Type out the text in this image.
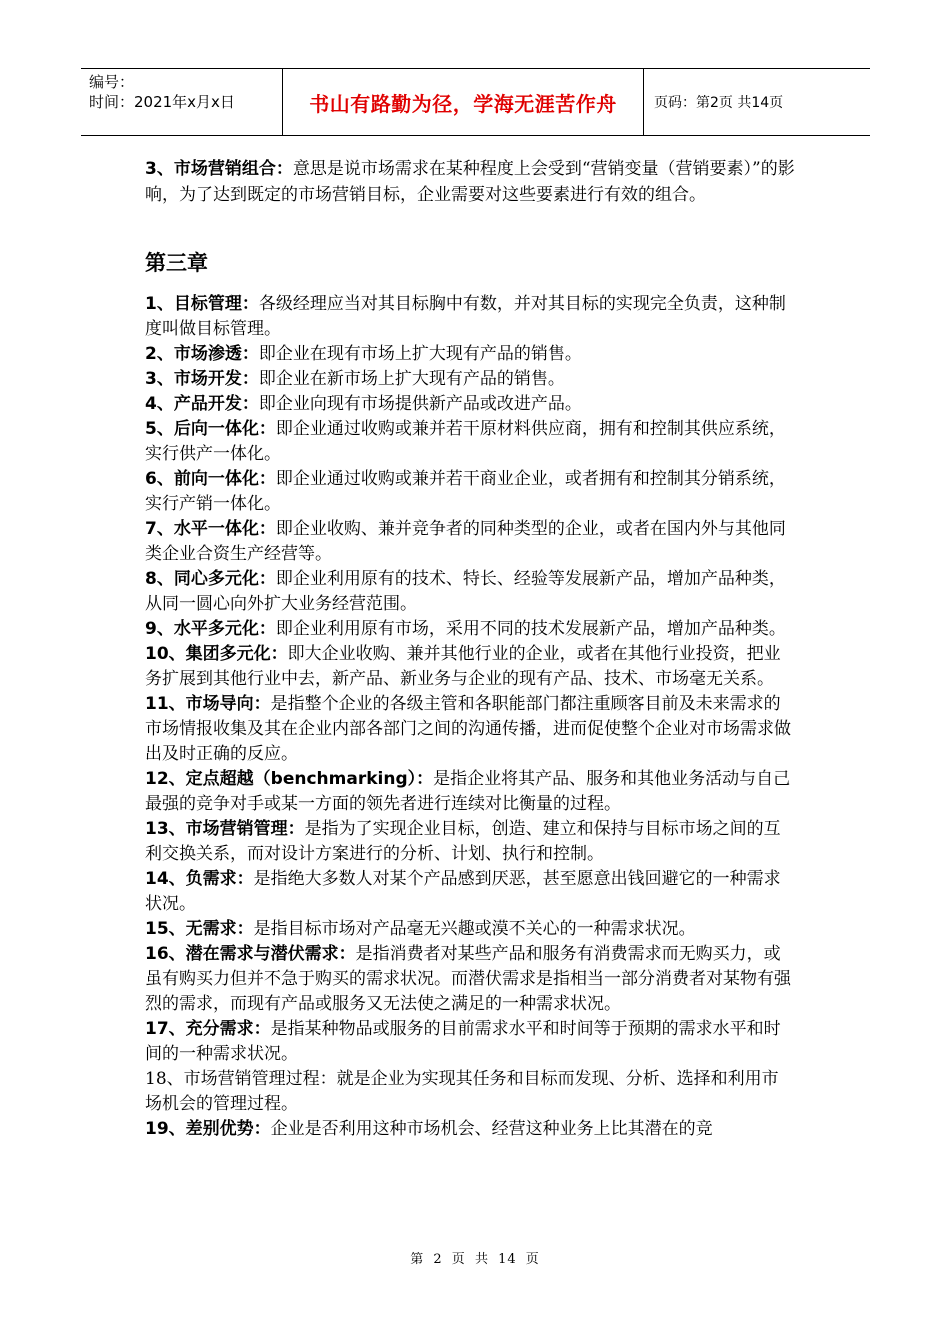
编号：
时间：2021年x月x日	书山有路勤为径，学海无涯苦作舟	页码：第2页 共14页

3、市场营销组合：意思是说市场需求在某种程度上会受到“营销变量（营销要素）”的影响，为了达到既定的市场营销目标，企业需要对这些要素进行有效的组合。

第三章

1、目标管理：各级经理应当对其目标胸中有数，并对其目标的实现完全负责，这种制度叫做目标管理。

2、市场渗透：即企业在现有市场上扩大现有产品的销售。

3、市场开发：即企业在新市场上扩大现有产品的销售。

4、产品开发：即企业向现有市场提供新产品或改进产品。

5、后向一体化：即企业通过收购或兼并若干原材料供应商，拥有和控制其供应系统，实行供产一体化。

6、前向一体化：即企业通过收购或兼并若干商业企业，或者拥有和控制其分销系统，实行产销一体化。

7、水平一体化：即企业收购、兼并竞争者的同种类型的企业，或者在国内外与其他同类企业合资生产经营等。

8、同心多元化：即企业利用原有的技术、特长、经验等发展新产品，增加产品种类，从同一圆心向外扩大业务经营范围。

9、水平多元化：即企业利用原有市场，采用不同的技术发展新产品，增加产品种类。

10、集团多元化：即大企业收购、兼并其他行业的企业，或者在其他行业投资，把业务扩展到其他行业中去，新产品、新业务与企业的现有产品、技术、市场毫无关系。

11、市场导向：是指整个企业的各级主管和各职能部门都注重顾客目前及未来需求的市场情报收集及其在企业内部各部门之间的沟通传播，进而促使整个企业对市场需求做出及时正确的反应。

12、定点超越（benchmarking）：是指企业将其产品、服务和其他业务活动与自己最强的竞争对手或某一方面的领先者进行连续对比衡量的过程。

13、市场营销管理：是指为了实现企业目标，创造、建立和保持与目标市场之间的互利交换关系，而对设计方案进行的分析、计划、执行和控制。

14、负需求：是指绝大多数人对某个产品感到厌恶，甚至愿意出钱回避它的一种需求状况。

15、无需求：是指目标市场对产品毫无兴趣或漠不关心的一种需求状况。

16、潜在需求与潜伏需求：是指消费者对某些产品和服务有消费需求而无购买力，或虽有购买力但并不急于购买的需求状况。而潜伏需求是指相当一部分消费者对某物有强烈的需求，而现有产品或服务又无法使之满足的一种需求状况。

17、充分需求：是指某种物品或服务的目前需求水平和时间等于预期的需求水平和时间的一种需求状况。

18、市场营销管理过程：就是企业为实现其任务和目标而发现、分析、选择和利用市场机会的管理过程。

19、差别优势：企业是否利用这种市场机会、经营这种业务上比其潜在的竞

第 2 页 共 14 页
